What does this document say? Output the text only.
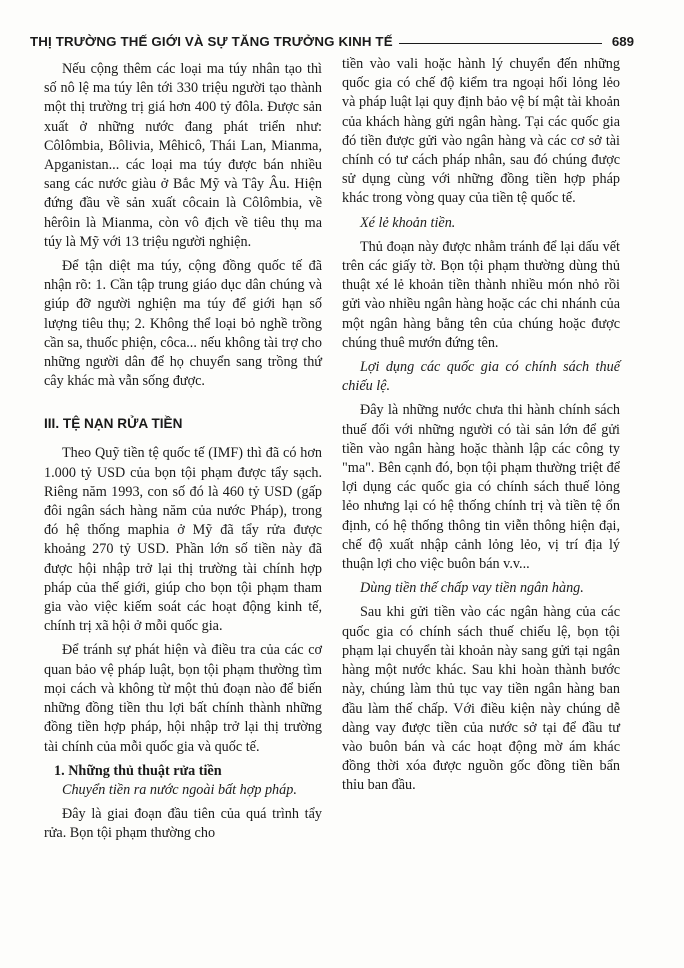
THỊ TRƯỜNG THẾ GIỚI VÀ SỰ TĂNG TRƯỞNG KINH TẾ	689

Nếu cộng thêm các loại ma túy nhân tạo thì số nô lệ ma túy lên tới 330 triệu người tạo thành một thị trường trị giá hơn 400 tỷ đôla. Được sản xuất ở những nước đang phát triển như: Côlômbia, Bôlivia, Mêhicô, Thái Lan, Mianma, Apganistan... các loại ma túy được bán nhiều sang các nước giàu ở Bắc Mỹ và Tây Âu. Hiện đứng đầu về sản xuất côcain là Côlômbia, về hêrôin là Mianma, còn vô địch về tiêu thụ ma túy là Mỹ với 13 triệu người nghiện.

Để tận diệt ma túy, cộng đồng quốc tế đã nhận rõ: 1. Cần tập trung giáo dục dân chúng và giúp đỡ người nghiện ma túy để giới hạn số lượng tiêu thụ; 2. Không thể loại bỏ nghề trồng cần sa, thuốc phiện, côca... nếu không tài trợ cho những người dân để họ chuyển sang trồng thứ cây khác mà vẫn sống được.

III. TỆ NẠN RỬA TIỀN

Theo Quỹ tiền tệ quốc tế (IMF) thì đã có hơn 1.000 tỷ USD của bọn tội phạm được tẩy sạch. Riêng năm 1993, con số đó là 460 tỷ USD (gấp đôi ngân sách hàng năm của nước Pháp), trong đó hệ thống maphia ở Mỹ đã tẩy rửa được khoảng 270 tỷ USD. Phần lớn số tiền này đã được hội nhập trở lại thị trường tài chính hợp pháp của thế giới, giúp cho bọn tội phạm tham gia vào việc kiếm soát các hoạt động kinh tế, chính trị xã hội ở mỗi quốc gia.

Để tránh sự phát hiện và điều tra của các cơ quan bảo vệ pháp luật, bọn tội phạm thường tìm mọi cách và không từ một thủ đoạn nào để biến những đồng tiền thu lợi bất chính thành những đồng tiền hợp pháp, hội nhập trở lại thị trường tài chính của mỗi quốc gia và quốc tế.

1. Những thủ thuật rửa tiền

Chuyển tiền ra nước ngoài bất hợp pháp.

Đây là giai đoạn đầu tiên của quá trình tẩy rửa. Bọn tội phạm thường cho

tiền vào vali hoặc hành lý chuyển đến những quốc gia có chế độ kiểm tra ngoại hối lỏng lẻo và pháp luật lại quy định bảo vệ bí mật tài khoản của khách hàng gửi ngân hàng. Tại các quốc gia đó tiền được gửi vào ngân hàng và các cơ sở tài chính có tư cách pháp nhân, sau đó chúng được sử dụng cùng với những đồng tiền hợp pháp khác trong vòng quay của tiền tệ quốc tế.

Xé lẻ khoản tiền.

Thủ đoạn này được nhằm tránh để lại dấu vết trên các giấy tờ. Bọn tội phạm thường dùng thủ thuật xé lẻ khoản tiền thành nhiều món nhỏ rồi gửi vào nhiều ngân hàng hoặc các chi nhánh của một ngân hàng bằng tên của chúng hoặc được chúng thuê mướn đứng tên.

Lợi dụng các quốc gia có chính sách thuế chiếu lệ.

Đây là những nước chưa thi hành chính sách thuế đối với những người có tài sản lớn để gửi tiền vào ngân hàng hoặc thành lập các công ty "ma". Bên cạnh đó, bọn tội phạm thường triệt để lợi dụng các quốc gia có chính sách thuế lỏng lẻo nhưng lại có hệ thống chính trị và tiền tệ ổn định, có hệ thống thông tin viễn thông hiện đại, chế độ xuất nhập cảnh lỏng lẻo, vị trí địa lý thuận lợi cho việc buôn bán v.v...

Dùng tiền thế chấp vay tiền ngân hàng.

Sau khi gửi tiền vào các ngân hàng của các quốc gia có chính sách thuế chiếu lệ, bọn tội phạm lại chuyển tài khoản này sang gửi tại ngân hàng một nước khác. Sau khi hoàn thành bước này, chúng làm thủ tục vay tiền ngân hàng ban đầu làm thế chấp. Với điều kiện này chúng dễ dàng vay được tiền của nước sở tại để đầu tư vào buôn bán và các hoạt động mờ ám khác đồng thời xóa được nguồn gốc đồng tiền bẩn thỉu ban đầu.
